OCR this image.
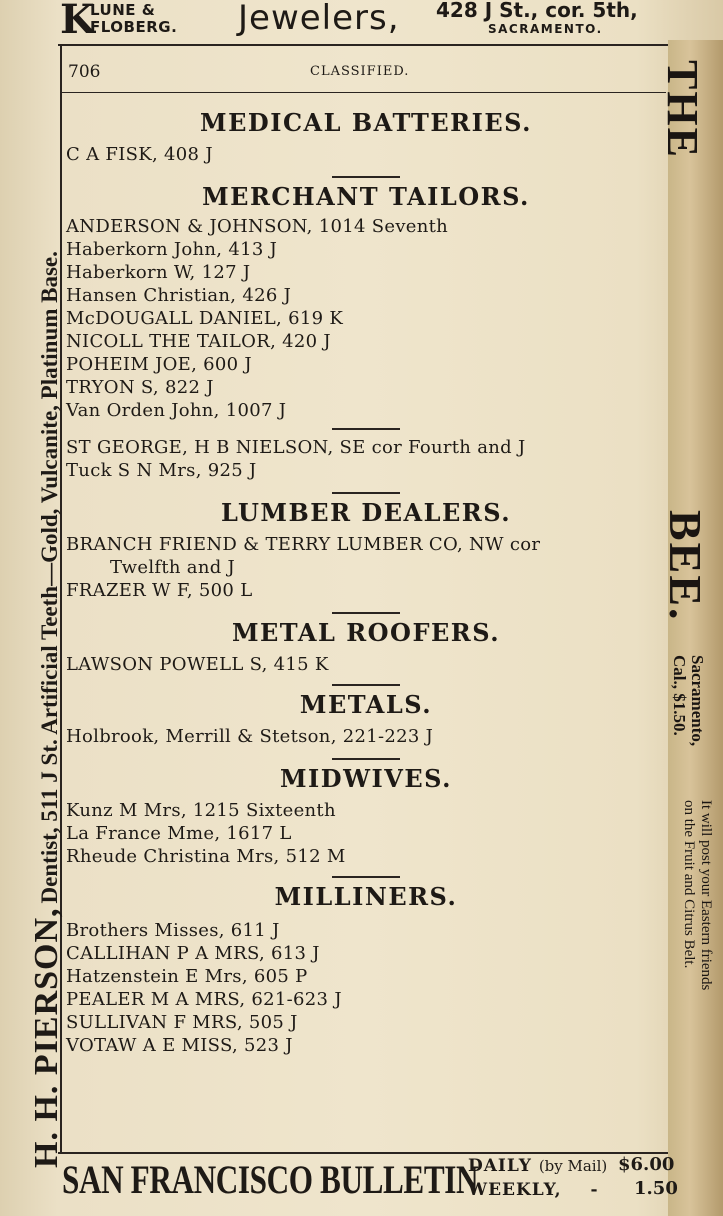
K
LUNE &
FLOBERG. Jewelers, 428 J St., cor. 5th,
SACRAMENTO.
706	CLASSIFIED.
MEDICAL BATTERIES.
C A FISK, 408 J
MERCHANT TAILORS.
ANDERSON & JOHNSON, 1014 Seventh
Haberkorn John, 413 J
Haberkorn W, 127 J
Hansen Christian, 426 J
McDOUGALL DANIEL, 619 K
NICOLL THE TAILOR, 420 J
POHEIM JOE, 600 J
TRYON S, 822 J
Van Orden John, 1007 J
ST GEORGE, H B NIELSON, SE cor Fourth and J
Tuck S N Mrs, 925 J
LUMBER DEALERS.
BRANCH FRIEND & TERRY LUMBER CO, NW cor
Twelfth and J
FRAZER W F, 500 L
METAL ROOFERS.
LAWSON POWELL S, 415 K
METALS.
Holbrook, Merrill & Stetson, 221-223 J
MIDWIVES.
Kunz M Mrs, 1215 Sixteenth
La France Mme, 1617 L
Rheude Christina Mrs, 512 M
MILLINERS.
Brothers Misses, 611 J
CALLIHAN P A MRS, 613 J
Hatzenstein E Mrs, 605 P
PEALER M A MRS, 621-623 J
SULLIVAN F MRS, 505 J
VOTAW A E MISS, 523 J
H. H. PIERSON, Dentist, 511 J St. Artificial Teeth—Gold, Vulcanite, Platinum Base.
THE
BEE.
Sacramento,
Cal., $1.50.
It will post your Eastern friends
on the Fruit and Citrus Belt.
SAN FRANCISCO BULLETIN
DAILY (by Mail) $6.00
WEEKLY, - 1.50
